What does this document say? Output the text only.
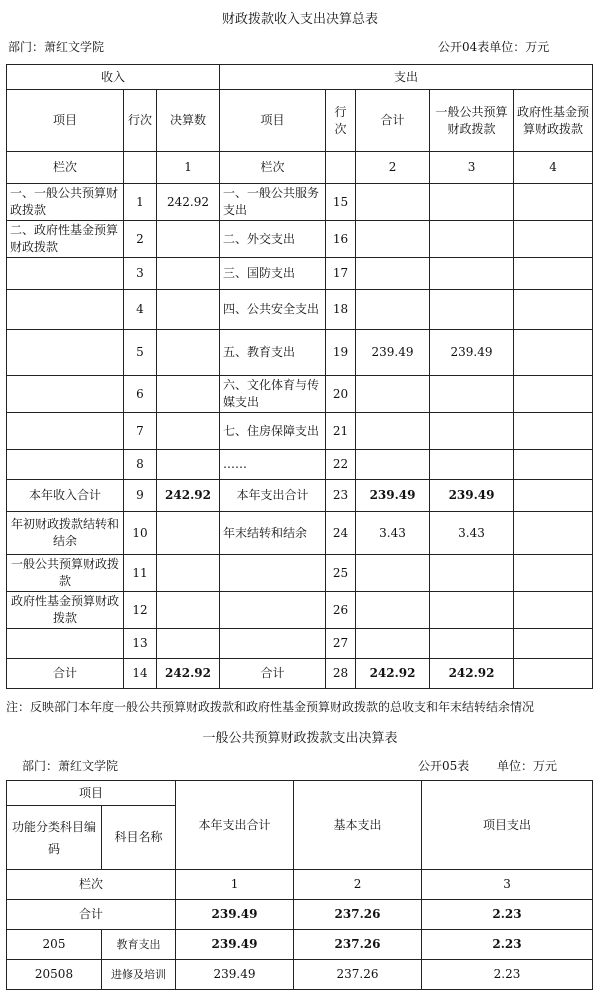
财政拨款收入支出决算总表
部门：萧红文学院	公开04表单位：万元
收入			支出				
项目	行次	决算数	项目	行次	合计	一般公共预算财政拨款	政府性基金预算财政拨款
栏次		1	栏次		2	3	4
一、一般公共预算财政拨款	1	242.92	一、一般公共服务支出	15			
二、政府性基金预算财政拨款	2		二、外交支出	16			
	3		三、国防支出	17			
	4		四、公共安全支出	18			
	5		五、教育支出	19	239.49	239.49	
	6		六、文化体育与传媒支出	20			
	7		七、住房保障支出	21			
	8		……	22			
本年收入合计	9	242.92	本年支出合计	23	239.49	239.49	
年初财政拨款结转和结余	10		年末结转和结余	24	3.43	3.43	
一般公共预算财政拨款	11			25			
政府性基金预算财政拨款	12			26			
	13			27			
合计	14	242.92	合计	28	242.92	242.92	
注：反映部门本年度一般公共预算财政拨款和政府性基金预算财政拨款的总收支和年末结转结余情况
一般公共预算财政拨款支出决算表
部门：萧红文学院	公开05表 单位：万元
项目		本年支出合计	基本支出	项目支出
功能分类科目编码	科目名称			
栏次		1	2	3
合计		239.49	237.26	2.23
205	教育支出	239.49	237.26	2.23
20508	进修及培训	239.49	237.26	2.23
